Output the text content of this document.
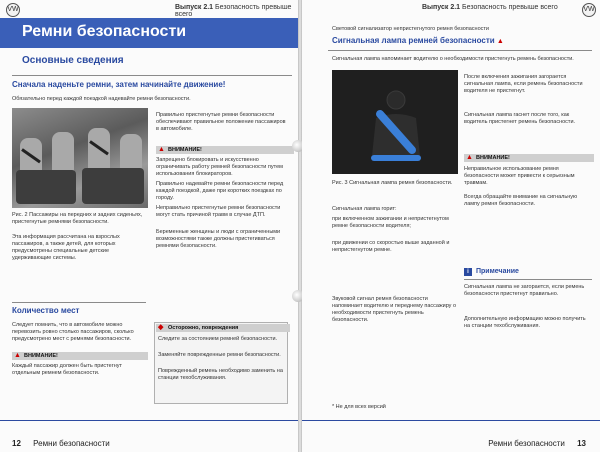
VW	Выпуск 2.1 Безопасность превыше всего
Ремни безопасности
Основные сведения
Сначала наденьте ремни, затем начинайте движение!
Обязательно перед каждой поездкой надевайте ремни безопасности.
Рис. 2 Пассажиры на передних и задних сиденьях, пристегнутые ремнями безопасности.
Эта информация рассчитана на взрослых пассажиров, а также детей, для которых предусмотрены специальные детские удерживающие системы.
Правильно пристегнутые ремни безопасности обеспечивают правильное положение пассажиров в автомобиле.
▲ ВНИМАНИЕ!
Запрещено блокировать и искусственно ограничивать работу ремней безопасности путем использования блокираторов.
Правильно надевайте ремни безопасности перед каждой поездкой, даже при коротких поездках по городу.
Неправильно пристегнутые ремни безопасности могут стать причиной травм в случае ДТП.
Беременные женщины и люди с ограниченными возможностями также должны пристегиваться ремнями безопасности.
Количество мест
Следует помнить, что в автомобиле можно перевозить ровно столько пассажиров, сколько предусмотрено мест с ремнями безопасности.
▲ ВНИМАНИЕ!
Каждый пассажир должен быть пристегнут отдельным ремнем безопасности.
◆ Осторожно, повреждения
Следите за состоянием ремней безопасности.
Заменяйте поврежденные ремни безопасности.
Поврежденный ремень необходимо заменить на станции техобслуживания.
12 Ремни безопасности
Выпуск 2.1 Безопасность превыше всего	VW
Световой сигнализатор непристегнутого ремня безопасности
Сигнальная лампа ремней безопасности ▲
Сигнальная лампа напоминает водителю о необходимости пристегнуть ремень безопасности.
Рис. 3 Сигнальная лампа ремня безопасности.
После включения зажигания загорается сигнальная лампа, если ремень безопасности водителя не пристегнут.
Сигнальная лампа гаснет после того, как водитель пристегнет ремень безопасности.
▲ ВНИМАНИЕ!
Неправильное использование ремня безопасности может привести к серьезным травмам.
Всегда обращайте внимание на сигнальную лампу ремня безопасности.
Сигнальная лампа горит:
при включенном зажигании и непристегнутом ремне безопасности водителя;
при движении со скоростью выше заданной и непристегнутом ремне.
Звуковой сигнал ремня безопасности напоминает водителю и переднему пассажиру о необходимости пристегнуть ремень безопасности.
i	Примечание
Сигнальная лампа не загорается, если ремень безопасности пристегнут правильно.
Дополнительную информацию можно получить на станции техобслуживания.
* Не для всех версий
Ремни безопасности 13
